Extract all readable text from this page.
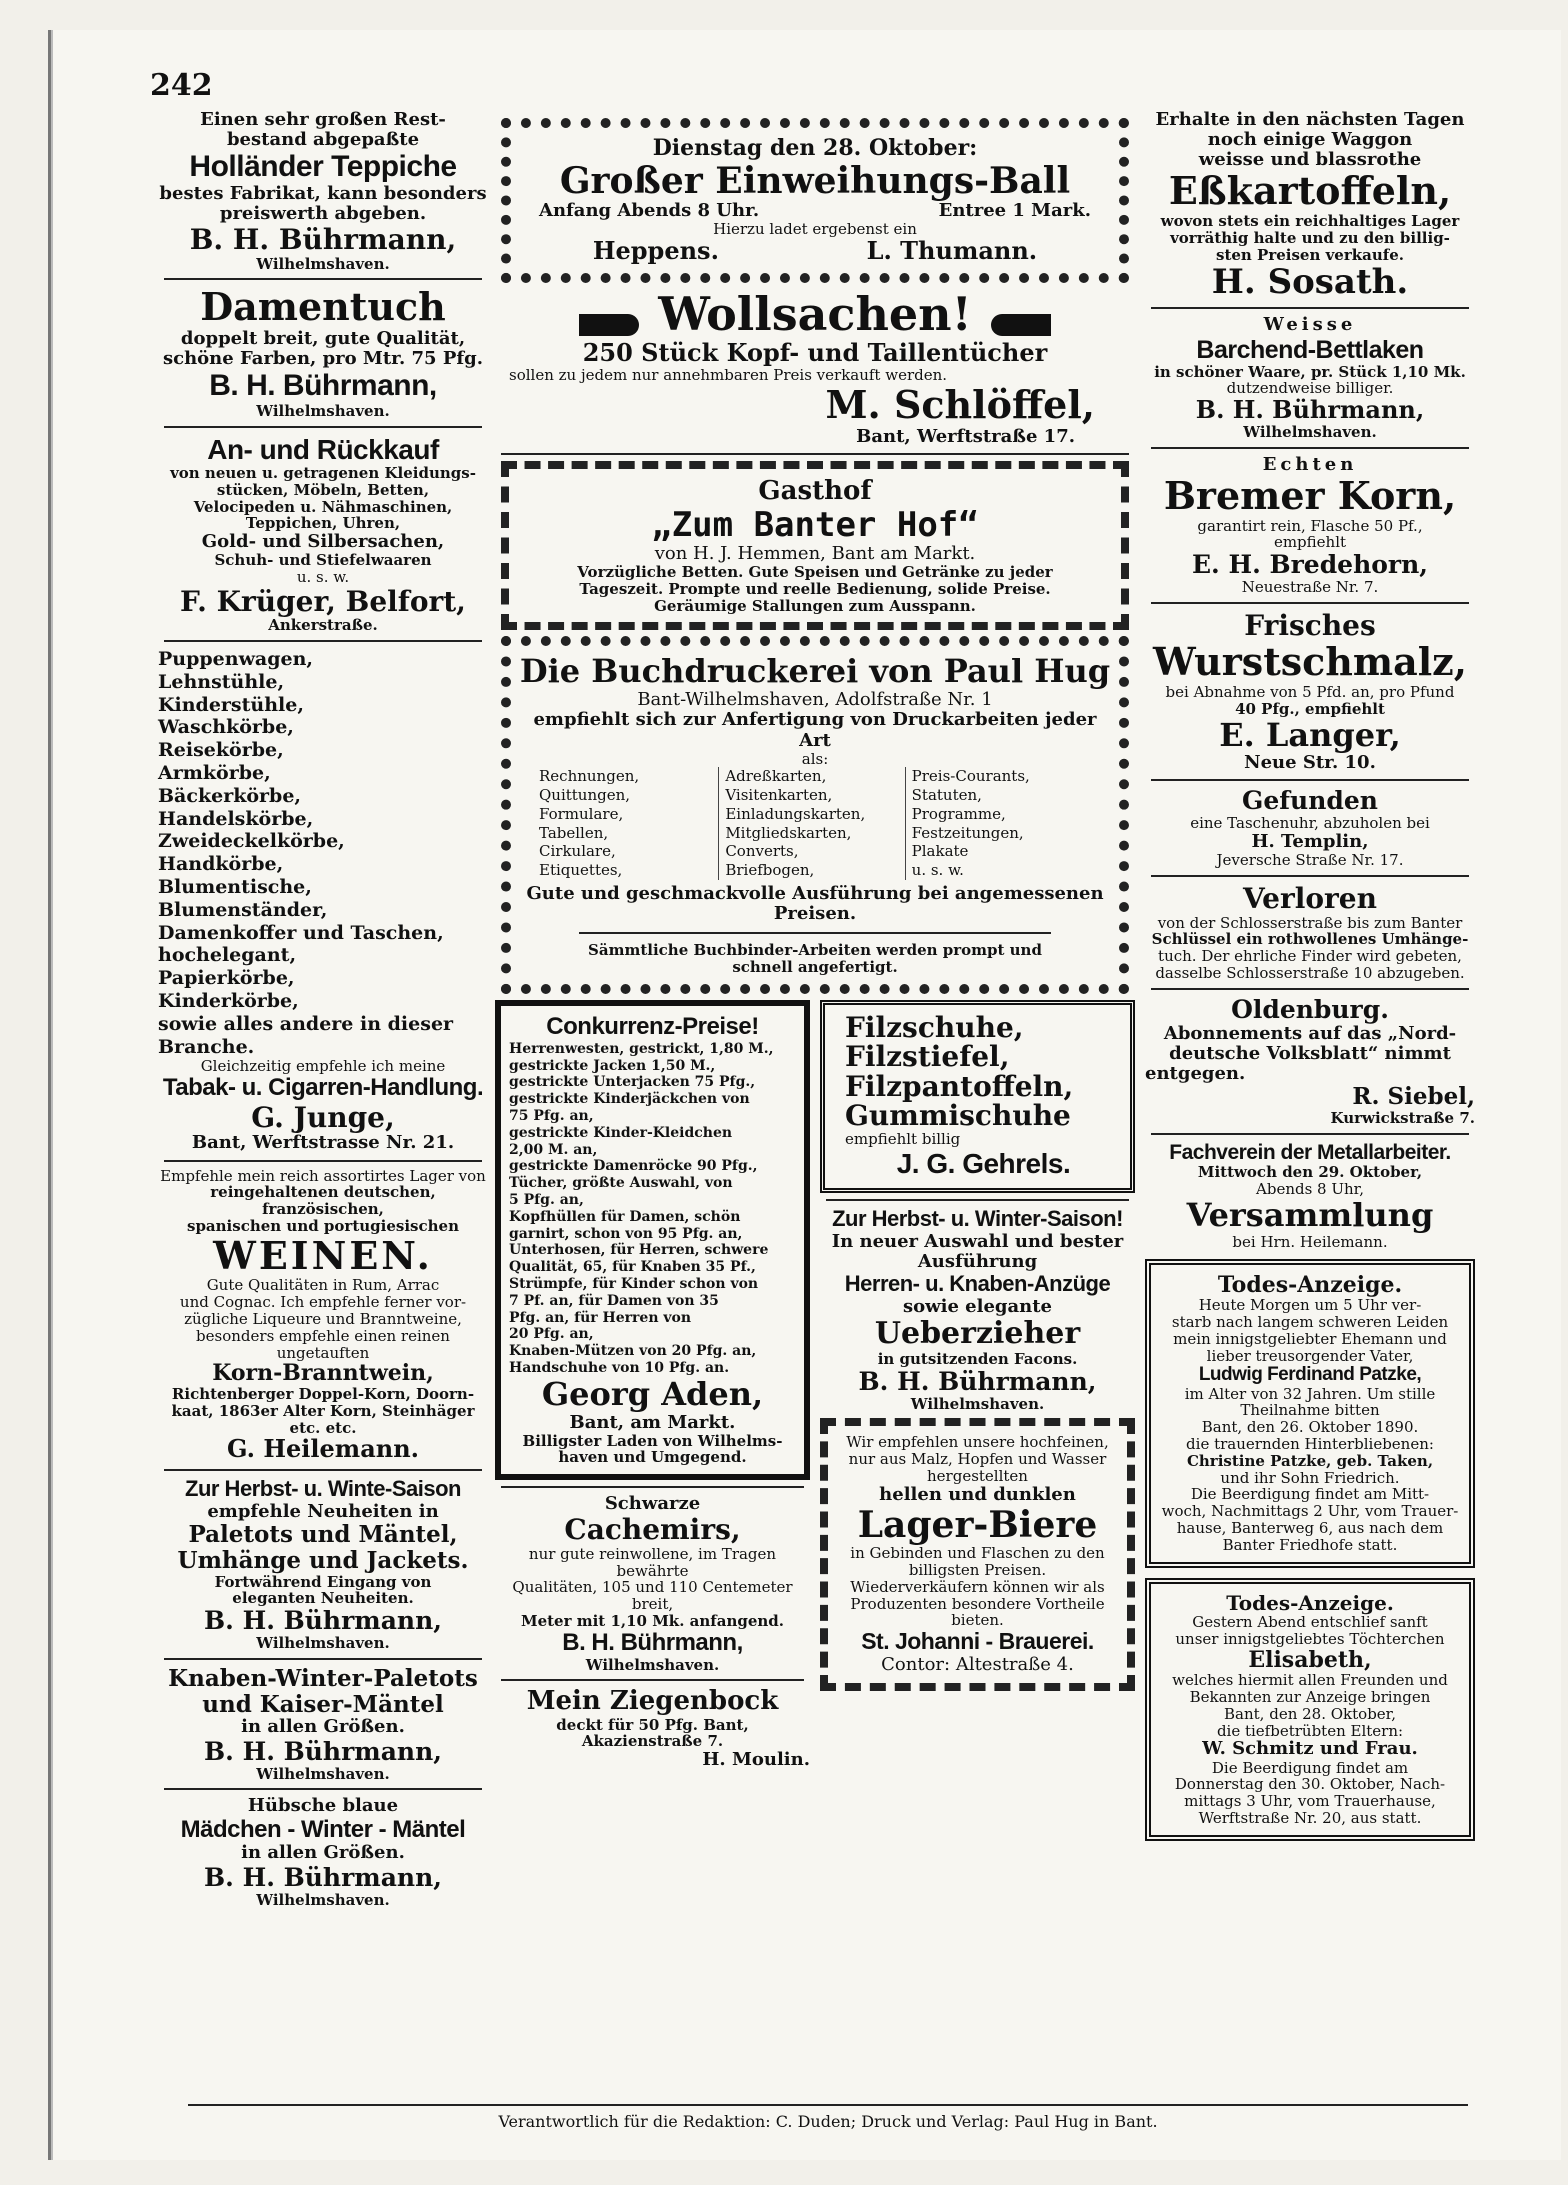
242
Einen sehr großen Rest-
bestand abgepaßte
Holländer Teppiche
bestes Fabrikat, kann besonders
preiswerth abgeben.
B. H. Bührmann,
Wilhelmshaven.
Damentuch
doppelt breit, gute Qualität,
schöne Farben, pro Mtr. 75 Pfg.
B. H. Bührmann,
Wilhelmshaven.
An- und Rückkauf
von neuen u. getragenen Kleidungs-
stücken, Möbeln, Betten,
Velocipeden u. Nähmaschinen,
Teppichen, Uhren,
Gold- und Silbersachen,
Schuh- und Stiefelwaaren
u. s. w.
F. Krüger, Belfort,
Ankerstraße.
Puppenwagen,
Lehnstühle,
Kinderstühle,
Waschkörbe,
Reisekörbe,
Armkörbe,
Bäckerkörbe,
Handelskörbe,
Zweideckelkörbe,
Handkörbe,
Blumentische,
Blumenständer,
Damenkoffer und Taschen,
hochelegant,
Papierkörbe,
Kinderkörbe,
sowie alles andere in dieser Branche.
Gleichzeitig empfehle ich meine
Tabak- u. Cigarren-Handlung.
G. Junge,
Bant, Werftstrasse Nr. 21.
Empfehle mein reich assortirtes Lager von
reingehaltenen deutschen, französischen,
spanischen und portugiesischen
WEINEN.
Gute Qualitäten in Rum, Arrac
und Cognac. Ich empfehle ferner vor-
zügliche Liqueure und Branntweine,
besonders empfehle einen reinen ungetauften
Korn-Branntwein,
Richtenberger Doppel-Korn, Doorn-
kaat, 1863er Alter Korn, Steinhäger
etc. etc.
G. Heilemann.
Zur Herbst- u. Winte-Saison
empfehle Neuheiten in
Paletots und Mäntel,
Umhänge und Jackets.
Fortwährend Eingang von
eleganten Neuheiten.
B. H. Bührmann,
Wilhelmshaven.
Knaben-Winter-Paletots
und Kaiser-Mäntel
in allen Größen.
B. H. Bührmann,
Wilhelmshaven.
Hübsche blaue
Mädchen - Winter - Mäntel
in allen Größen.
B. H. Bührmann,
Wilhelmshaven.
Dienstag den 28. Oktober:
Großer Einweihungs-Ball
Anfang Abends 8 Uhr.	Entree 1 Mark.
Hierzu ladet ergebenst ein
Heppens.	L. Thumann.
Wollsachen!
250 Stück Kopf- und Taillentücher
sollen zu jedem nur annehmbaren Preis verkauft werden.
M. Schlöffel,
Bant, Werftstraße 17.
Gasthof
„Zum Banter Hof“
von H. J. Hemmen, Bant am Markt.
Vorzügliche Betten. Gute Speisen und Getränke zu jeder
Tageszeit. Prompte und reelle Bedienung, solide Preise.
Geräumige Stallungen zum Ausspann.
Die Buchdruckerei von Paul Hug
Bant-Wilhelmshaven, Adolfstraße Nr. 1
empfiehlt sich zur Anfertigung von Druckarbeiten jeder Art
als:
Rechnungen,
Quittungen,
Formulare,
Tabellen,
Cirkulare,
Etiquettes,
Adreßkarten,
Visitenkarten,
Einladungskarten,
Mitgliedskarten,
Converts,
Briefbogen,
Preis-Courants,
Statuten,
Programme,
Festzeitungen,
Plakate
u. s. w.
Gute und geschmackvolle Ausführung bei angemessenen Preisen.
Sämmtliche Buchbinder-Arbeiten werden prompt und
schnell angefertigt.
Conkurrenz-Preise!
Herrenwesten, gestrickt, 1,80 M.,
gestrickte Jacken 1,50 M.,
gestrickte Unterjacken 75 Pfg.,
gestrickte Kinderjäckchen von
75 Pfg. an,
gestrickte Kinder-Kleidchen
2,00 M. an,
gestrickte Damenröcke 90 Pfg.,
Tücher, größte Auswahl, von
5 Pfg. an,
Kopfhüllen für Damen, schön
garnirt, schon von 95 Pfg. an,
Unterhosen, für Herren, schwere
Qualität, 65, für Knaben 35 Pf.,
Strümpfe, für Kinder schon von
7 Pf. an, für Damen von 35
Pfg. an, für Herren von
20 Pfg. an,
Knaben-Mützen von 20 Pfg. an,
Handschuhe von 10 Pfg. an.
Georg Aden,
Bant, am Markt.
Billigster Laden von Wilhelms-
haven und Umgegend.
Schwarze
Cachemirs,
nur gute reinwollene, im Tragen bewährte
Qualitäten, 105 und 110 Centemeter breit,
Meter mit 1,10 Mk. anfangend.
B. H. Bührmann,
Wilhelmshaven.
Mein Ziegenbock
deckt für 50 Pfg. Bant, Akazienstraße 7.
H. Moulin.
Filzschuhe,
Filzstiefel,
Filzpantoffeln,
Gummischuhe
empfiehlt billig
J. G. Gehrels.
Zur Herbst- u. Winter-Saison!
In neuer Auswahl und bester
Ausführung
Herren- u. Knaben-Anzüge
sowie elegante
Ueberzieher
in gutsitzenden Facons.
B. H. Bührmann,
Wilhelmshaven.
Wir empfehlen unsere hochfeinen,
nur aus Malz, Hopfen und Wasser
hergestellten
hellen und dunklen
Lager-Biere
in Gebinden und Flaschen zu den
billigsten Preisen.
Wiederverkäufern können wir als
Produzenten besondere Vortheile
bieten.
St. Johanni - Brauerei.
Contor: Altestraße 4.
Erhalte in den nächsten Tagen
noch einige Waggon
weisse und blassrothe
Eßkartoffeln,
wovon stets ein reichhaltiges Lager
vorräthig halte und zu den billig-
sten Preisen verkaufe.
H. Sosath.
Weisse
Barchend-Bettlaken
in schöner Waare, pr. Stück 1,10 Mk.
dutzendweise billiger.
B. H. Bührmann,
Wilhelmshaven.
Echten
Bremer Korn,
garantirt rein, Flasche 50 Pf.,
empfiehlt
E. H. Bredehorn,
Neuestraße Nr. 7.
Frisches
Wurstschmalz,
bei Abnahme von 5 Pfd. an, pro Pfund
40 Pfg., empfiehlt
E. Langer,
Neue Str. 10.
Gefunden
eine Taschenuhr, abzuholen bei
H. Templin,
Jeversche Straße Nr. 17.
Verloren
von der Schlosserstraße bis zum Banter
Schlüssel ein rothwollenes Umhänge-
tuch. Der ehrliche Finder wird gebeten,
dasselbe Schlosserstraße 10 abzugeben.
Oldenburg.
Abonnements auf das „Nord-
deutsche Volksblatt“ nimmt
entgegen.
R. Siebel,
Kurwickstraße 7.
Fachverein der Metallarbeiter.
Mittwoch den 29. Oktober,
Abends 8 Uhr,
Versammlung
bei Hrn. Heilemann.
Todes-Anzeige.
Heute Morgen um 5 Uhr ver-
starb nach langem schweren Leiden
mein innigstgeliebter Ehemann und
lieber treusorgender Vater,
Ludwig Ferdinand Patzke,
im Alter von 32 Jahren. Um stille
Theilnahme bitten
Bant, den 26. Oktober 1890.
die trauernden Hinterbliebenen:
Christine Patzke, geb. Taken,
und ihr Sohn Friedrich.
Die Beerdigung findet am Mitt-
woch, Nachmittags 2 Uhr, vom Trauer-
hause, Banterweg 6, aus nach dem
Banter Friedhofe statt.
Todes-Anzeige.
Gestern Abend entschlief sanft
unser innigstgeliebtes Töchterchen
Elisabeth,
welches hiermit allen Freunden und
Bekannten zur Anzeige bringen
Bant, den 28. Oktober,
die tiefbetrübten Eltern:
W. Schmitz und Frau.
Die Beerdigung findet am
Donnerstag den 30. Oktober, Nach-
mittags 3 Uhr, vom Trauerhause,
Werftstraße Nr. 20, aus statt.
Verantwortlich für die Redaktion: C. Duden; Druck und Verlag: Paul Hug in Bant.
